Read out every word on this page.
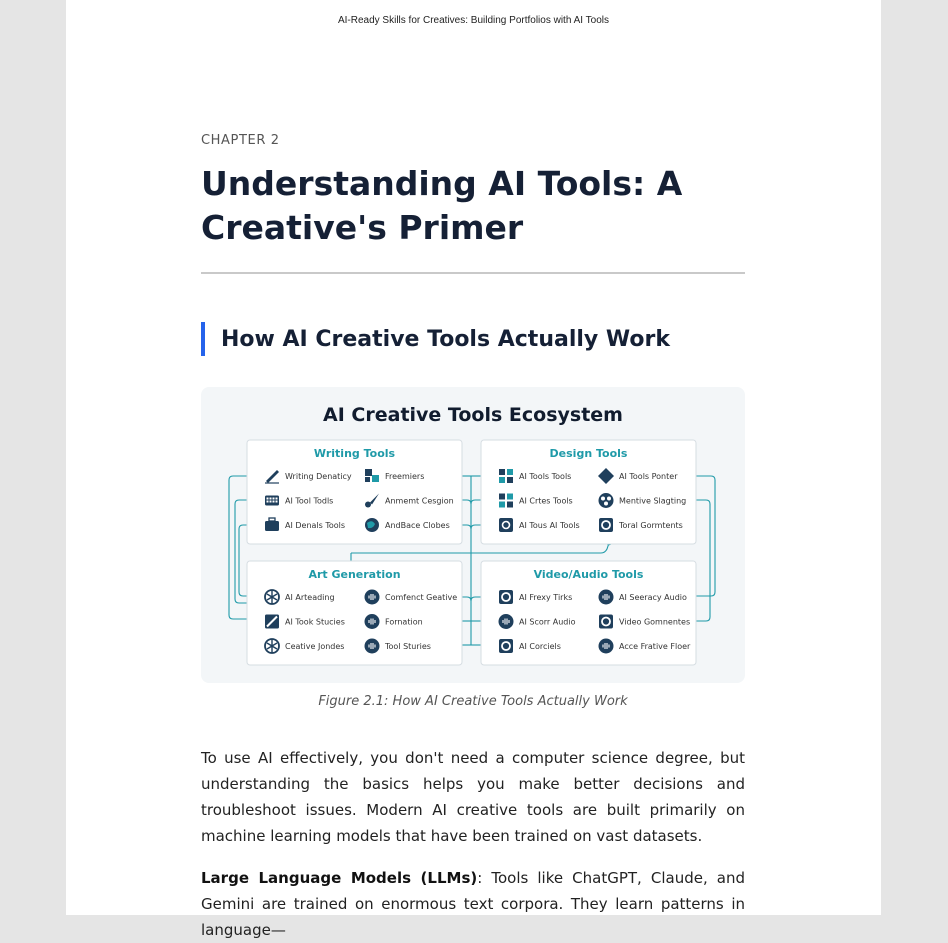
AI-Ready Skills for Creatives: Building Portfolios with AI Tools
CHAPTER 2
Understanding AI Tools: A Creative's Primer
How AI Creative Tools Actually Work
AI Creative Tools Ecosystem
Writing Tools
Writing Denaticy
AI Tool Todls
AI Denals Tools
Freemiers
Anmemt Cesgion
AndBace Clobes
Design Tools
AI Tools Tools
AI Crtes Tools
AI Tous AI Tools
AI Tools Ponter
Mentive Slagting
Toral Gormtents
Art Generation
AI Arteading
AI Took Stucies
Ceative Jondes
Comfenct Geative
Fornation
Tool Sturies
Video/Audio Tools
AI Frexy Tirks
AI Scorr Audio
AI Corciels
AI Seeracy Audio
Video Gomnentes
Acce Frative Floer
Figure 2.1: How AI Creative Tools Actually Work

To use AI effectively, you don't need a computer science degree, but understanding the basics helps you make better decisions and troubleshoot issues. Modern AI creative tools are built primarily on machine learning models that have been trained on vast datasets.

Large Language Models (LLMs): Tools like ChatGPT, Claude, and Gemini are trained on enormous text corpora. They learn patterns in language—
